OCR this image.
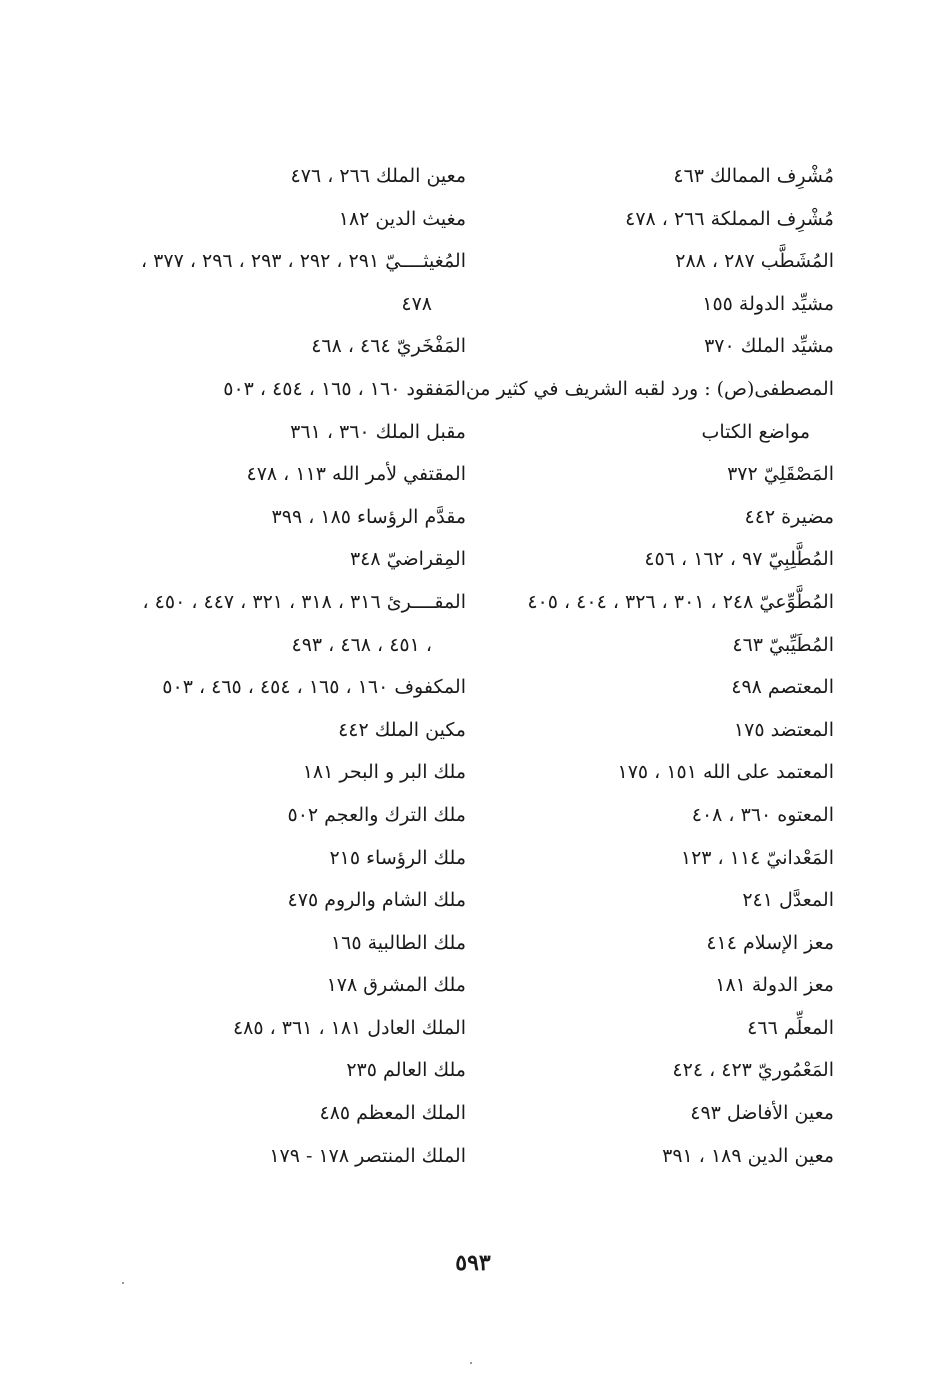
مُشْرِف الممالك ٤٦٣
مُشْرِف المملكة ٢٦٦ ، ٤٧٨
المُشَطَّب ٢٨٧ ، ٢٨٨
مشيِّد الدولة ١٥٥
مشيِّد الملك ٣٧٠
المصطفى(ص) : ورد لقبه الشريف في كثير من
مواضع الكتاب
المَصْقَلِيّ ٣٧٢
مضيرة ٤٤٢
المُطَّلِبِيّ ٩٧ ، ١٦٢ ، ٤٥٦
المُطَّوِّعيّ ٢٤٨ ، ٣٠١ ، ٣٢٦ ، ٤٠٤ ، ٤٠٥
المُطَيِّبيّ ٤٦٣
المعتصم ٤٩٨
المعتضد ١٧٥
المعتمد على الله ١٥١ ، ١٧٥
المعتوه ٣٦٠ ، ٤٠٨
المَعْدانيّ ١١٤ ، ١٢٣
المعدَّل ٢٤١
معز الإسلام ٤١٤
معز الدولة ١٨١
المعلِّم ٤٦٦
المَعْمُوريّ ٤٢٣ ، ٤٢٤
معين الأفاضل ٤٩٣
معين الدين ١٨٩ ، ٣٩١
معين الملك ٢٦٦ ، ٤٧٦
مغيث الدين ١٨٢
المُغيثــــيّ ٢٩١ ، ٢٩٢ ، ٢٩٣ ، ٢٩٦ ، ٣٧٧ ،
٤٧٨
المَفْخَريّ ٤٦٤ ، ٤٦٨
المَفقود ١٦٠ ، ١٦٥ ، ٤٥٤ ، ٥٠٣
مقبل الملك ٣٦٠ ، ٣٦١
المقتفي لأمر الله ١١٣ ، ٤٧٨
مقدَّم الرؤساء ١٨٥ ، ٣٩٩
المِقراضيّ ٣٤٨
المقــــرئ ٣١٦ ، ٣١٨ ، ٣٢١ ، ٤٤٧ ، ٤٥٠ ،
٤٥١ ، ٤٦٨ ، ٤٩٣ ،
المكفوف ١٦٠ ، ١٦٥ ، ٤٥٤ ، ٤٦٥ ، ٥٠٣
مكين الملك ٤٤٢
ملك البر و البحر ١٨١
ملك الترك والعجم ٥٠٢
ملك الرؤساء ٢١٥
ملك الشام والروم ٤٧٥
ملك الطالبية ١٦٥
ملك المشرق ١٧٨
الملك العادل ١٨١ ، ٣٦١ ، ٤٨٥
ملك العالم ٢٣٥
الملك المعظم ٤٨٥
الملك المنتصر ١٧٨ - ١٧٩
٥٩٣
